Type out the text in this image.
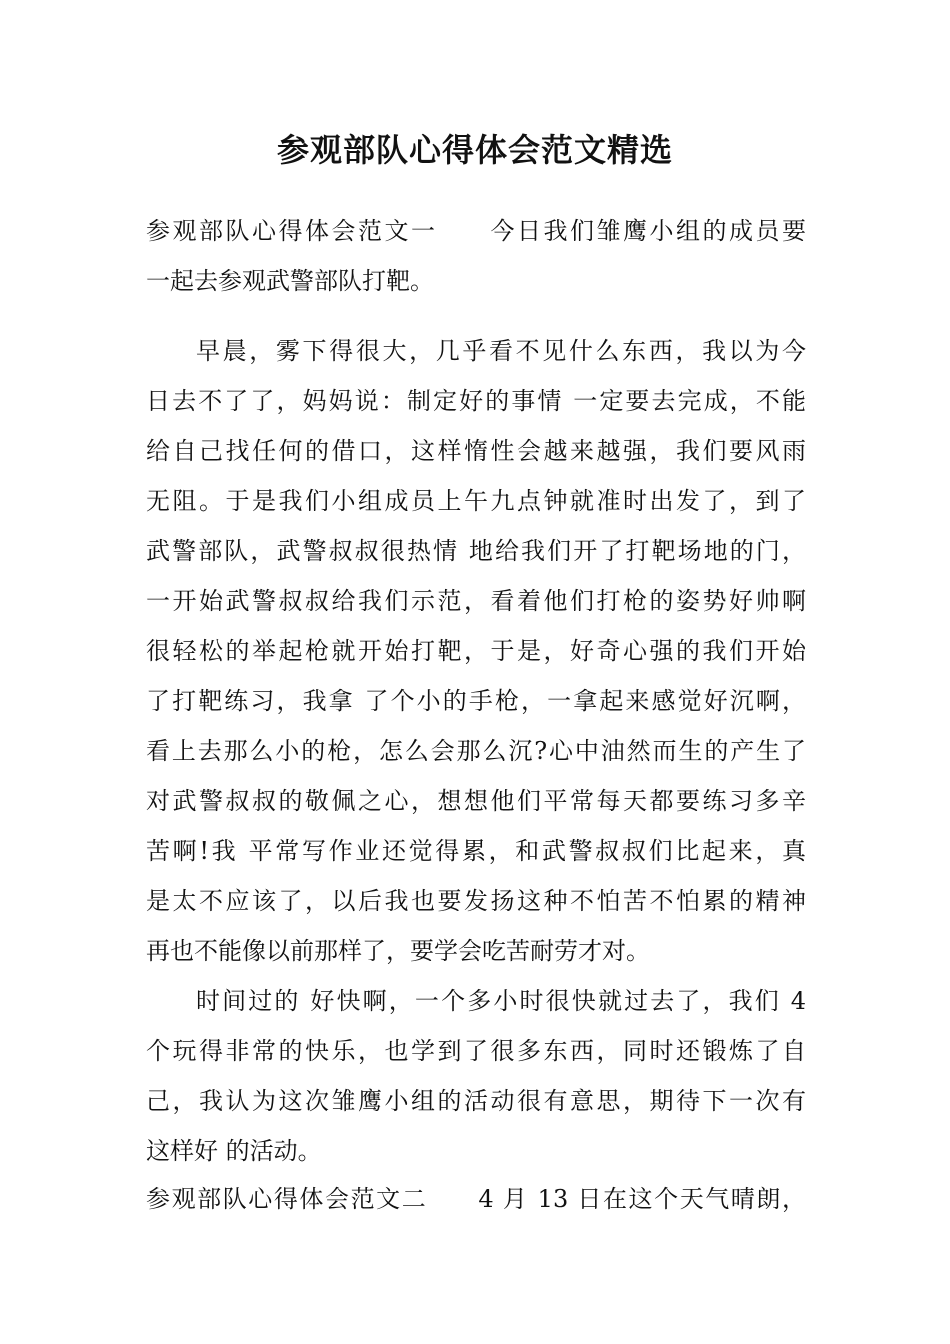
参观部队心得体会范文精选
参观部队心得体会范文一　　今日我们雏鹰小组的成员要
一起去参观武警部队打靶。
早晨，雾下得很大，几乎看不见什么东西，我以为今
日去不了了，妈妈说：制定好的事情 一定要去完成，不能
给自己找任何的借口，这样惰性会越来越强，我们要风雨
无阻。于是我们小组成员上午九点钟就准时出发了，到了
武警部队，武警叔叔很热情 地给我们开了打靶场地的门，
一开始武警叔叔给我们示范，看着他们打枪的姿势好帅啊
很轻松的举起枪就开始打靶，于是，好奇心强的我们开始
了打靶练习，我拿 了个小的手枪，一拿起来感觉好沉啊，
看上去那么小的枪，怎么会那么沉?心中油然而生的产生了
对武警叔叔的敬佩之心，想想他们平常每天都要练习多辛
苦啊!我 平常写作业还觉得累，和武警叔叔们比起来，真
是太不应该了，以后我也要发扬这种不怕苦不怕累的精神
再也不能像以前那样了，要学会吃苦耐劳才对。
时间过的 好快啊，一个多小时很快就过去了，我们 4
个玩得非常的快乐，也学到了很多东西，同时还锻炼了自
己，我认为这次雏鹰小组的活动很有意思，期待下一次有
这样好 的活动。
参观部队心得体会范文二　　4 月 13 日在这个天气晴朗，
